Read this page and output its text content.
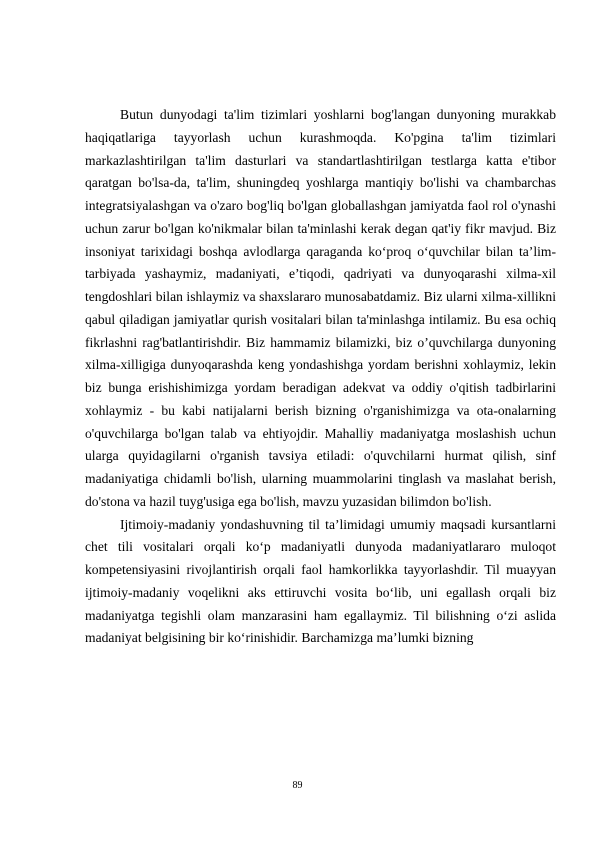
Butun dunyodagi ta'lim tizimlari yoshlarni bog'langan dunyoning murakkab haqiqatlariga tayyorlash uchun kurashmoqda. Ko'pgina ta'lim tizimlari markazlashtirilgan ta'lim dasturlari va standartlashtirilgan testlarga katta e'tibor qaratgan bo'lsa-da, ta'lim, shuningdeq yoshlarga mantiqiy bo'lishi va chambarchas integratsiyalashgan va o'zaro bog'liq bo'lgan globallashgan jamiyatda faol rol o'ynashi uchun zarur bo'lgan ko'nikmalar bilan ta'minlashi kerak degan qat'iy fikr mavjud. Biz insoniyat tarixidagi boshqa avlodlarga qaraganda ko‘proq o‘quvchilar bilan ta’lim-tarbiyada yashaymiz, madaniyati, e’tiqodi, qadriyati va dunyoqarashi xilma-xil tengdoshlari bilan ishlaymiz va shaxslararo munosabatdamiz. Biz ularni xilma-xillikni qabul qiladigan jamiyatlar qurish vositalari bilan ta'minlashga intilamiz. Bu esa ochiq fikrlashni rag'batlantirishdir. Biz hammamiz bilamizki, biz o’quvchilarga dunyoning xilma-xilligiga dunyoqarashda keng yondashishga yordam berishni xohlaymiz, lekin biz bunga erishishimizga yordam beradigan adekvat va oddiy o'qitish tadbirlarini xohlaymiz - bu kabi natijalarni berish bizning o'rganishimizga va ota-onalarning o'quvchilarga bo'lgan talab va ehtiyojdir. Mahalliy madaniyatga moslashish uchun ularga quyidagilarni o'rganish tavsiya etiladi: o'quvchilarni hurmat qilish, sinf madaniyatiga chidamli bo'lish, ularning muammolarini tinglash va maslahat berish, do'stona va hazil tuyg'usiga ega bo'lish, mavzu yuzasidan bilimdon bo'lish.

Ijtimoiy-madaniy yondashuvning til ta’limidagi umumiy maqsadi kursantlarni chet tili vositalari orqali ko‘p madaniyatli dunyoda madaniyatlararo muloqot kompetensiyasini rivojlantirish orqali faol hamkorlikka tayyorlashdir. Til muayyan ijtimoiy-madaniy voqelikni aks ettiruvchi vosita bo‘lib, uni egallash orqali biz madaniyatga tegishli olam manzarasini ham egallaymiz. Til bilishning o‘zi aslida madaniyat belgisining bir ko‘rinishidir. Barchamizga ma’lumki bizning

89
